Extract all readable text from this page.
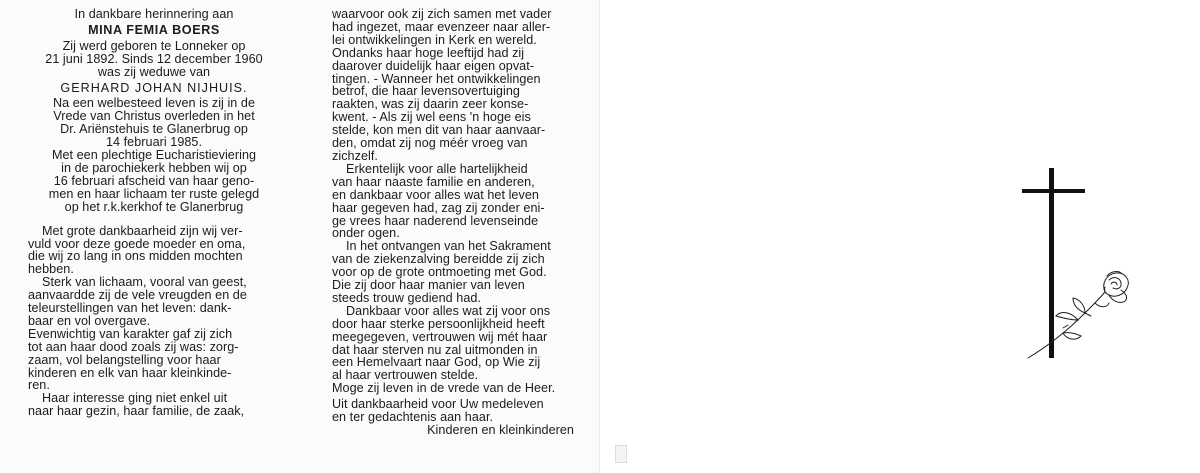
In dankbare herinnering aan
MINA FEMIA BOERS
Zij werd geboren te Lonneker op
21 juni 1892. Sinds 12 december 1960
was zij weduwe van
GERHARD JOHAN NIJHUIS.
Na een welbesteed leven is zij in de
Vrede van Christus overleden in het
Dr. Ariënstehuis te Glanerbrug op
14 februari 1985.
Met een plechtige Eucharistieviering
in de parochiekerk hebben wij op
16 februari afscheid van haar geno-
men en haar lichaam ter ruste gelegd
op het r.k.kerkhof te Glanerbrug
Met grote dankbaarheid zijn wij ver-
vuld voor deze goede moeder en oma,
die wij zo lang in ons midden mochten
hebben.
Sterk van lichaam, vooral van geest,
aanvaardde zij de vele vreugden en de
teleurstellingen van het leven: dank-
baar en vol overgave.
Evenwichtig van karakter gaf zij zich
tot aan haar dood zoals zij was: zorg-
zaam, vol belangstelling voor haar
kinderen en elk van haar kleinkinde-
ren.
Haar interesse ging niet enkel uit
naar haar gezin, haar familie, de zaak,
waarvoor ook zij zich samen met vader
had ingezet, maar evenzeer naar aller-
lei ontwikkelingen in Kerk en wereld.
Ondanks haar hoge leeftijd had zij
daarover duidelijk haar eigen opvat-
tingen. - Wanneer het ontwikkelingen
betrof, die haar levensovertuiging
raakten, was zij daarin zeer konse-
kwent. - Als zij wel eens 'n hoge eis
stelde, kon men dit van haar aanvaar-
den, omdat zij nog méér vroeg van
zichzelf.
Erkentelijk voor alle hartelijkheid
van haar naaste familie en anderen,
en dankbaar voor alles wat het leven
haar gegeven had, zag zij zonder eni-
ge vrees haar naderend levenseinde
onder ogen.
In het ontvangen van het Sakrament
van de ziekenzalving bereidde zij zich
voor op de grote ontmoeting met God.
Die zij door haar manier van leven
steeds trouw gediend had.
Dankbaar voor alles wat zij voor ons
door haar sterke persoonlijkheid heeft
meegegeven, vertrouwen wij mét haar
dat haar sterven nu zal uitmonden in
een Hemelvaart naar God, op Wie zij
al haar vertrouwen stelde.
Moge zij leven in de vrede van de Heer.
Uit dankbaarheid voor Uw medeleven
en ter gedachtenis aan haar.
Kinderen en kleinkinderen
